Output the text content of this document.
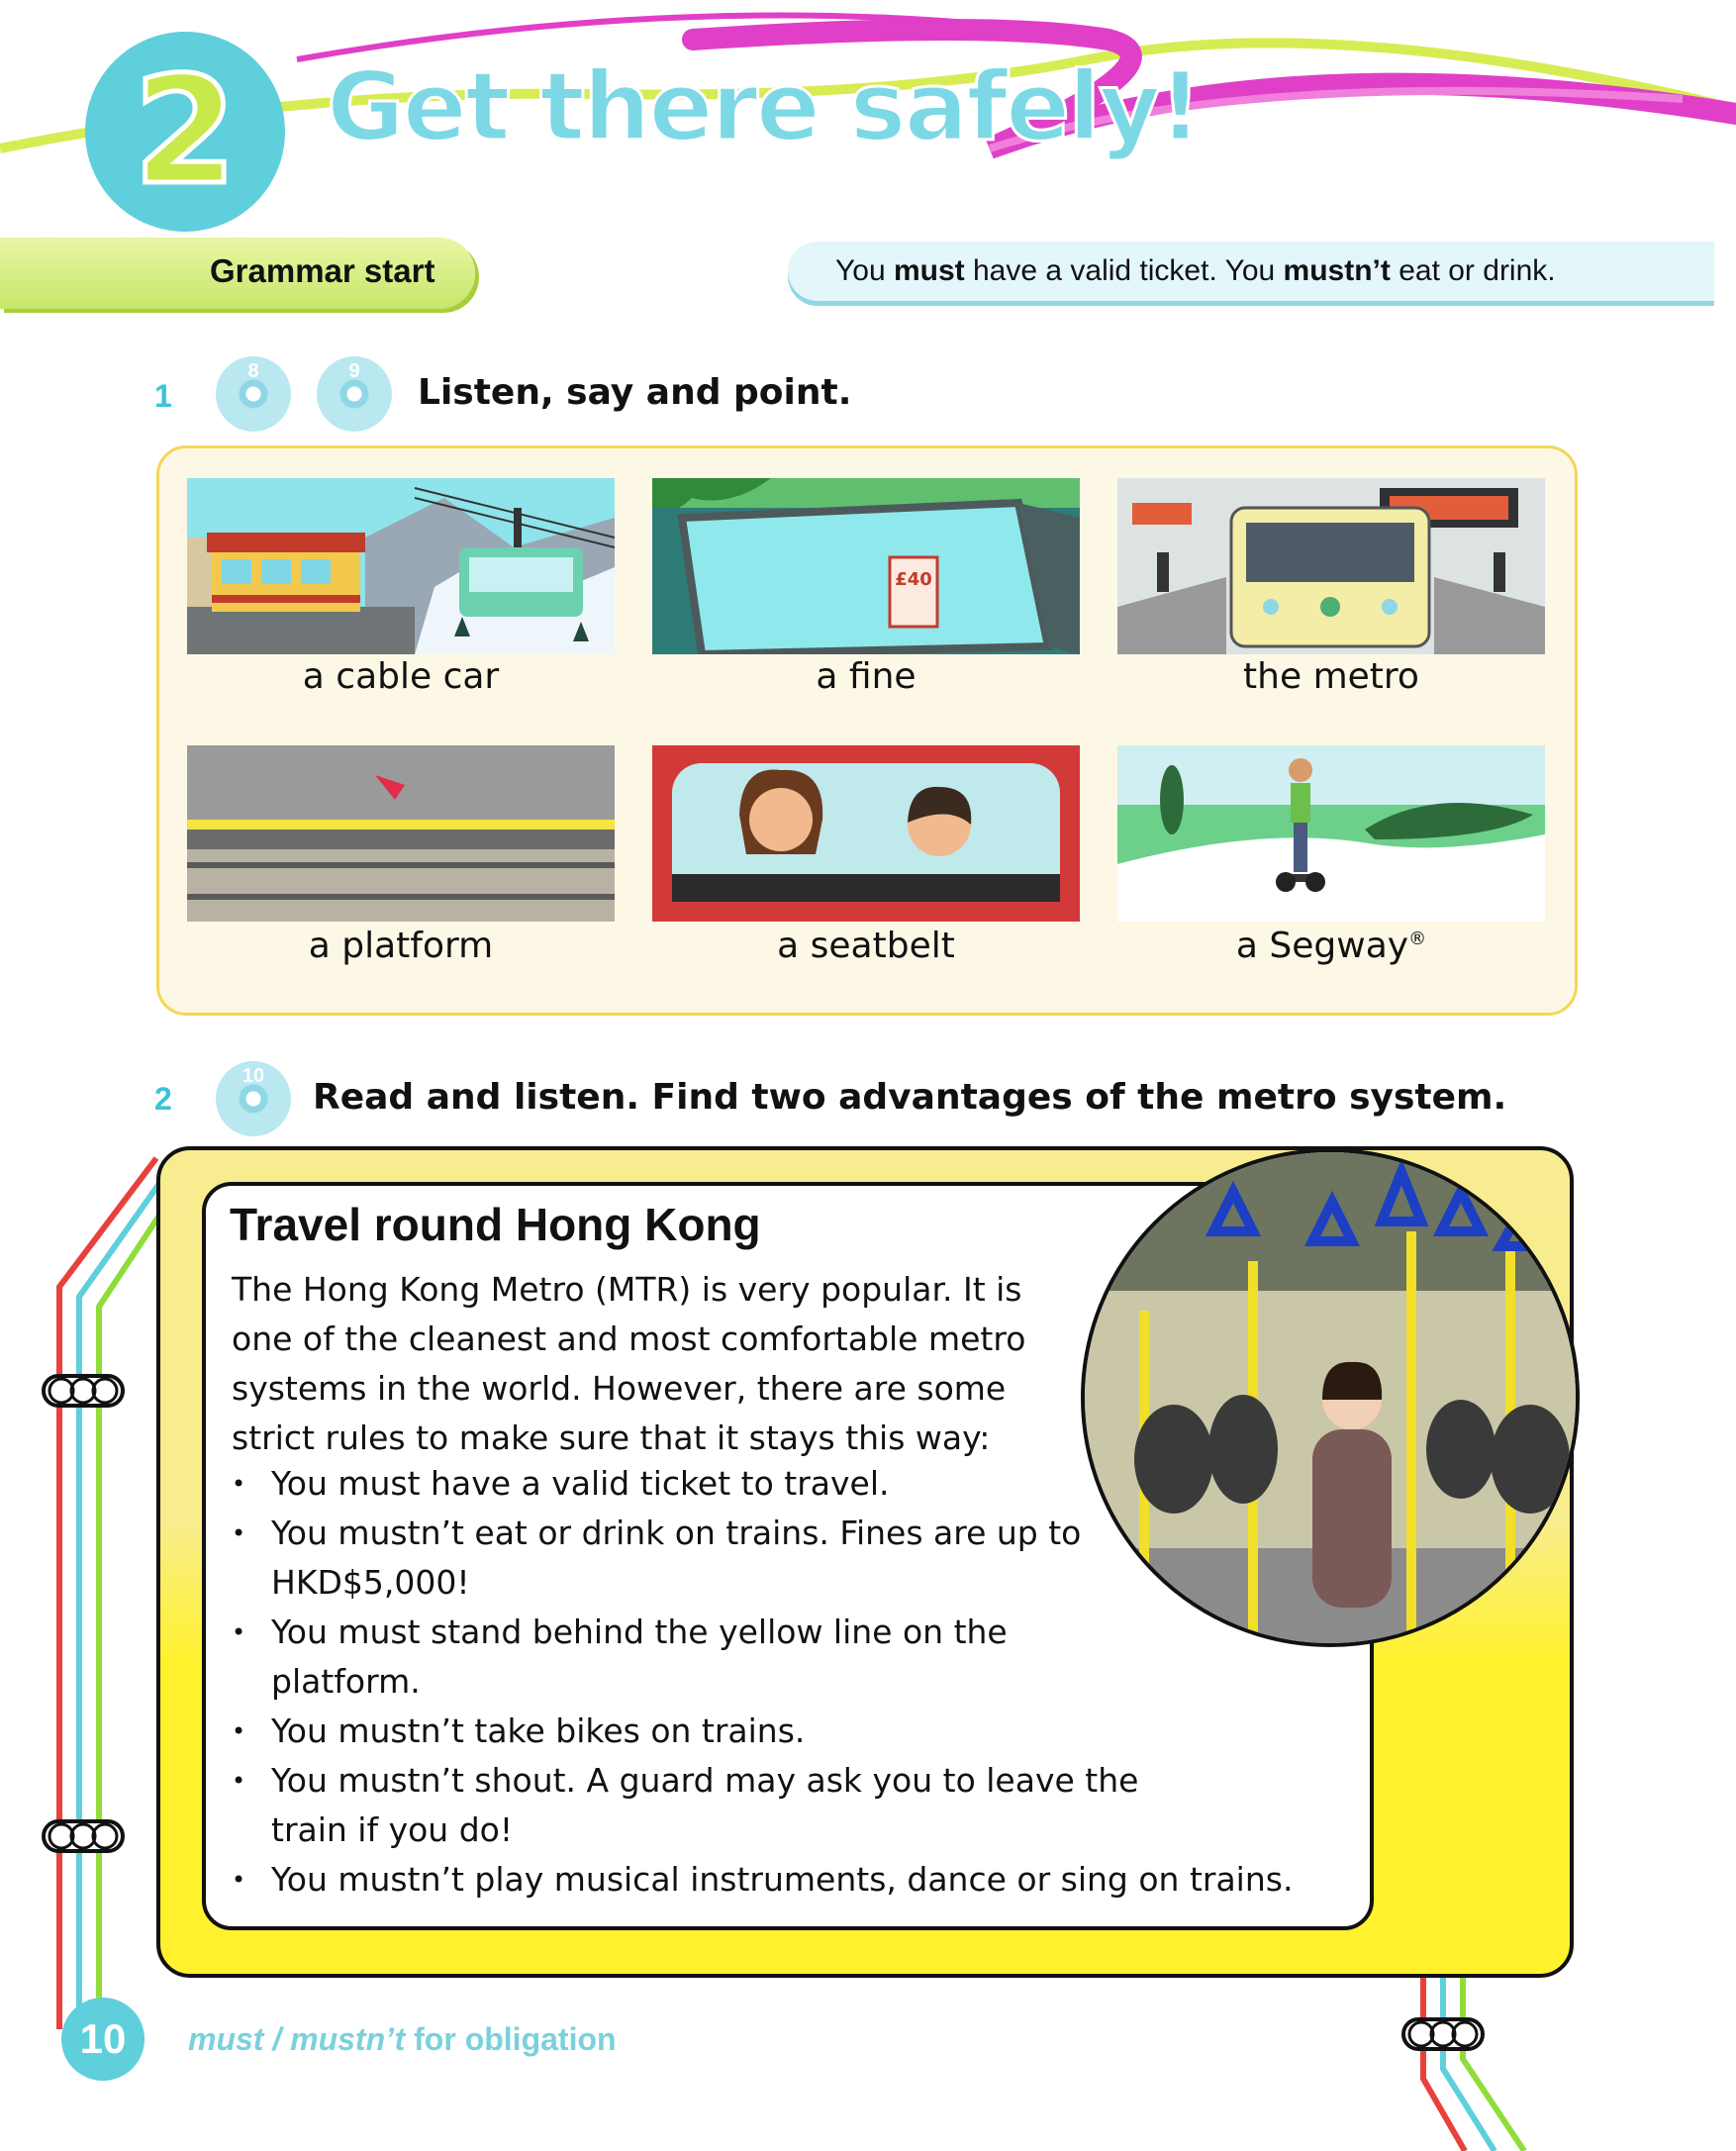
2 Get there safely!
Grammar start	You must have a valid ticket. You mustn’t eat or drink.
1
8	9
Listen, say and point.
a cable car
£40
a fine	the metro
a platform	a seatbelt	a Segway®
2
10
Read and listen. Find two advantages of the metro system.
Travel round Hong Kong
The Hong Kong Metro (MTR) is very popular. It is one of the cleanest and most comfortable metro systems in the world. However, there are some strict rules to make sure that it stays this way:
• You must have a valid ticket to travel.
• You mustn’t eat or drink on trains. Fines are up to HKD$5,000!
• You must stand behind the yellow line on the platform.
• You mustn’t take bikes on trains.
• You mustn’t shout. A guard may ask you to leave the train if you do!
• You mustn’t play musical instruments, dance or sing on trains.
10	must / mustn’t for obligation
